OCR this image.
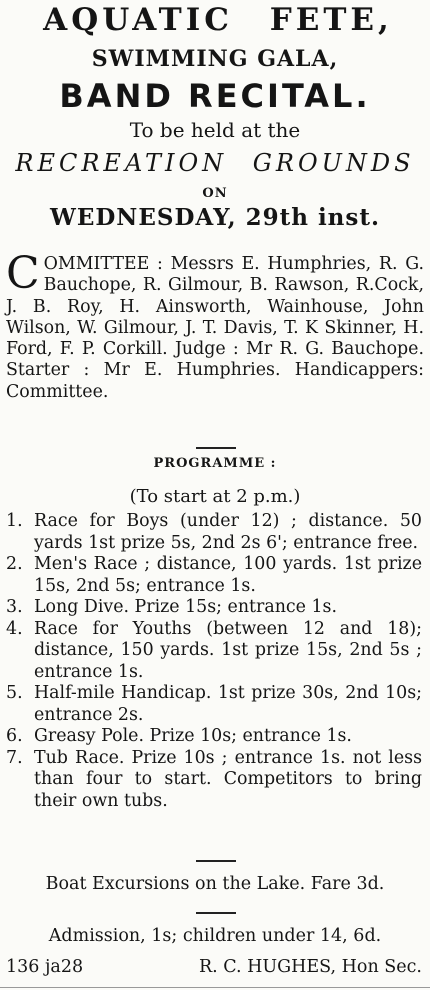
AQUATIC FETE,
SWIMMING GALA,
BAND RECITAL.
To be held at the
RECREATION GROUNDS
ON
WEDNESDAY, 29th inst.
COMMITTEE : Messrs E. Humphries, R. G. Bauchope, R. Gilmour, B. Rawson, R.Cock, J. B. Roy, H. Ainsworth, Wainhouse, John Wilson, W. Gilmour, J. T. Davis, T. K Skinner, H. Ford, F. P. Corkill. Judge : Mr R. G. Bauchope. Starter : Mr E. Humphries. Handicappers: Committee.
PROGRAMME :
(To start at 2 p.m.)
1. Race for Boys (under 12) ; distance. 50 yards 1st prize 5s, 2nd 2s 6'; entrance free.
2. Men's Race ; distance, 100 yards. 1st prize 15s, 2nd 5s; entrance 1s.
3. Long Dive. Prize 15s; entrance 1s.
4. Race for Youths (between 12 and 18); distance, 150 yards. 1st prize 15s, 2nd 5s ; entrance 1s.
5. Half-mile Handicap. 1st prize 30s, 2nd 10s; entrance 2s.
6. Greasy Pole. Prize 10s; entrance 1s.
7. Tub Race. Prize 10s ; entrance 1s. not less than four to start. Competitors to bring their own tubs.
Boat Excursions on the Lake. Fare 3d.
Admission, 1s; children under 14, 6d.
136 ja28	R. C. HUGHES, Hon Sec.
